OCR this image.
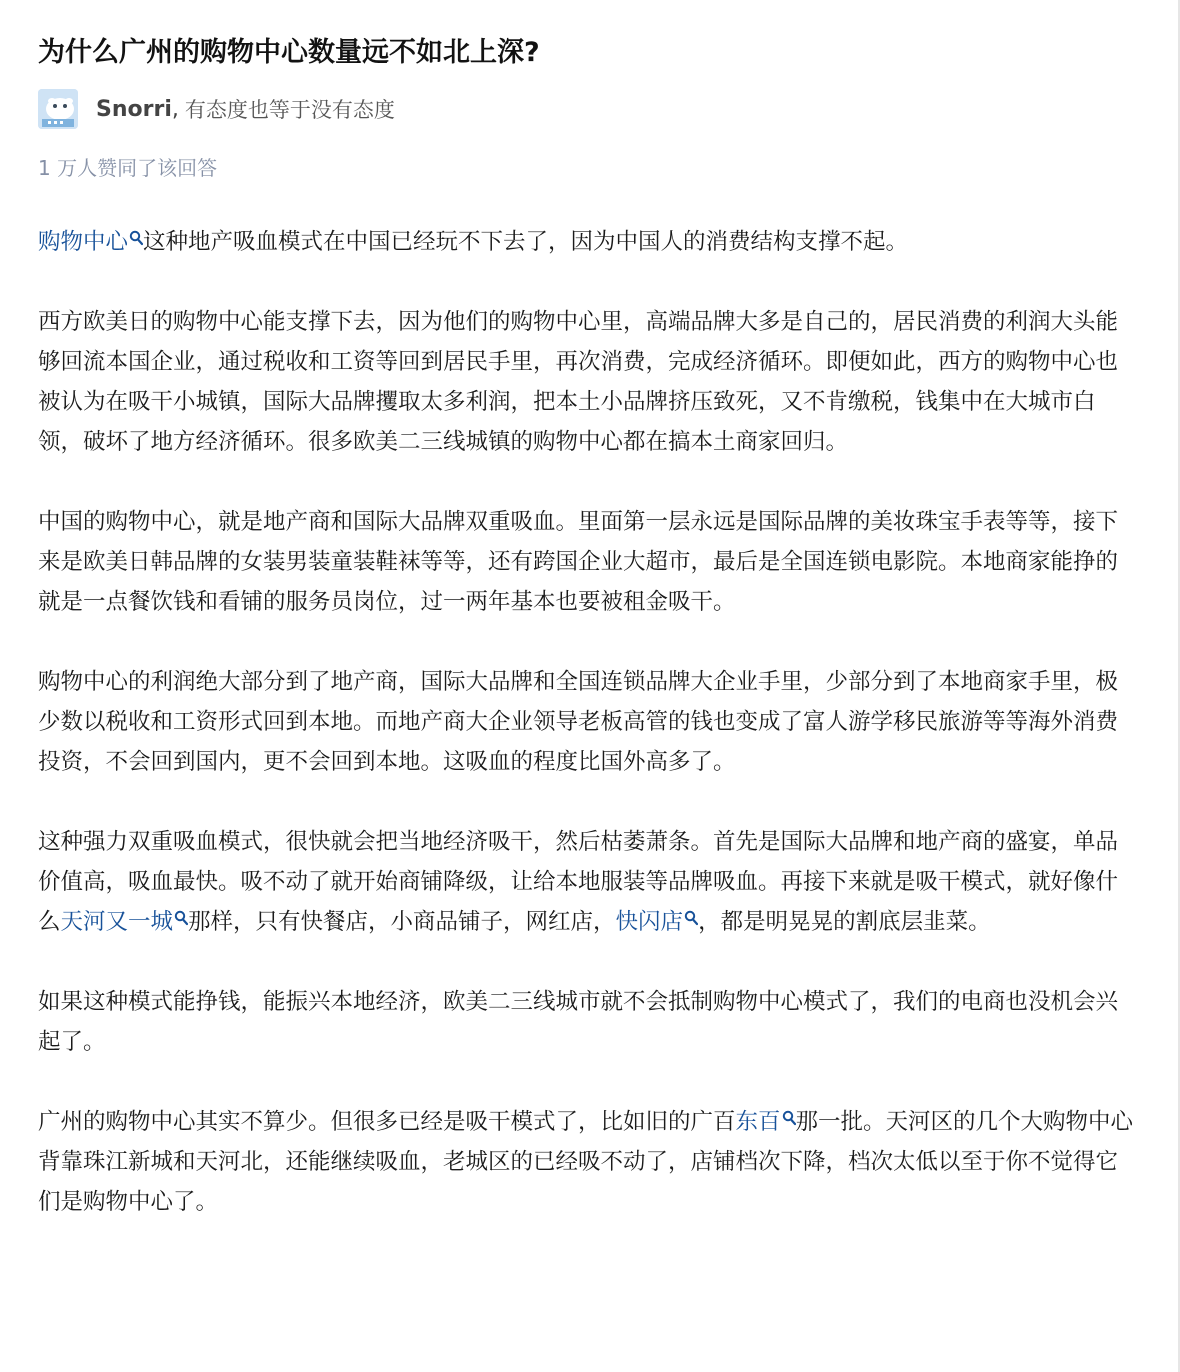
为什么广州的购物中心数量远不如北上深?
Snorri , 有态度也等于没有态度
1 万人赞同了该回答

购物中心 这种地产吸血模式在中国已经玩不下去了，因为中国人的消费结构支撑不起。

西方欧美日的购物中心能支撑下去，因为他们的购物中心里，高端品牌大多是自己的，居民消费的利润大头能够回流本国企业，通过税收和工资等回到居民手里，再次消费，完成经济循环。即便如此，西方的购物中心也被认为在吸干小城镇，国际大品牌攫取太多利润，把本土小品牌挤压致死，又不肯缴税，钱集中在大城市白领，破坏了地方经济循环。很多欧美二三线城镇的购物中心都在搞本土商家回归。

中国的购物中心，就是地产商和国际大品牌双重吸血。里面第一层永远是国际品牌的美妆珠宝手表等等，接下来是欧美日韩品牌的女装男装童装鞋袜等等，还有跨国企业大超市，最后是全国连锁电影院。本地商家能挣的就是一点餐饮钱和看铺的服务员岗位，过一两年基本也要被租金吸干。

购物中心的利润绝大部分到了地产商，国际大品牌和全国连锁品牌大企业手里，少部分到了本地商家手里，极少数以税收和工资形式回到本地。而地产商大企业领导老板高管的钱也变成了富人游学移民旅游等等海外消费投资，不会回到国内，更不会回到本地。这吸血的程度比国外高多了。

这种强力双重吸血模式，很快就会把当地经济吸干，然后枯萎萧条。首先是国际大品牌和地产商的盛宴，单品价值高，吸血最快。吸不动了就开始商铺降级，让给本地服装等品牌吸血。再接下来就是吸干模式，就好像什么天河又一城 那样，只有快餐店，小商品铺子，网红店，快闪店 ，都是明晃晃的割底层韭菜。

如果这种模式能挣钱，能振兴本地经济，欧美二三线城市就不会抵制购物中心模式了，我们的电商也没机会兴起了。

广州的购物中心其实不算少。但很多已经是吸干模式了，比如旧的广百东百 那一批。天河区的几个大购物中心背靠珠江新城和天河北，还能继续吸血，老城区的已经吸不动了，店铺档次下降，档次太低以至于你不觉得它们是购物中心了。
